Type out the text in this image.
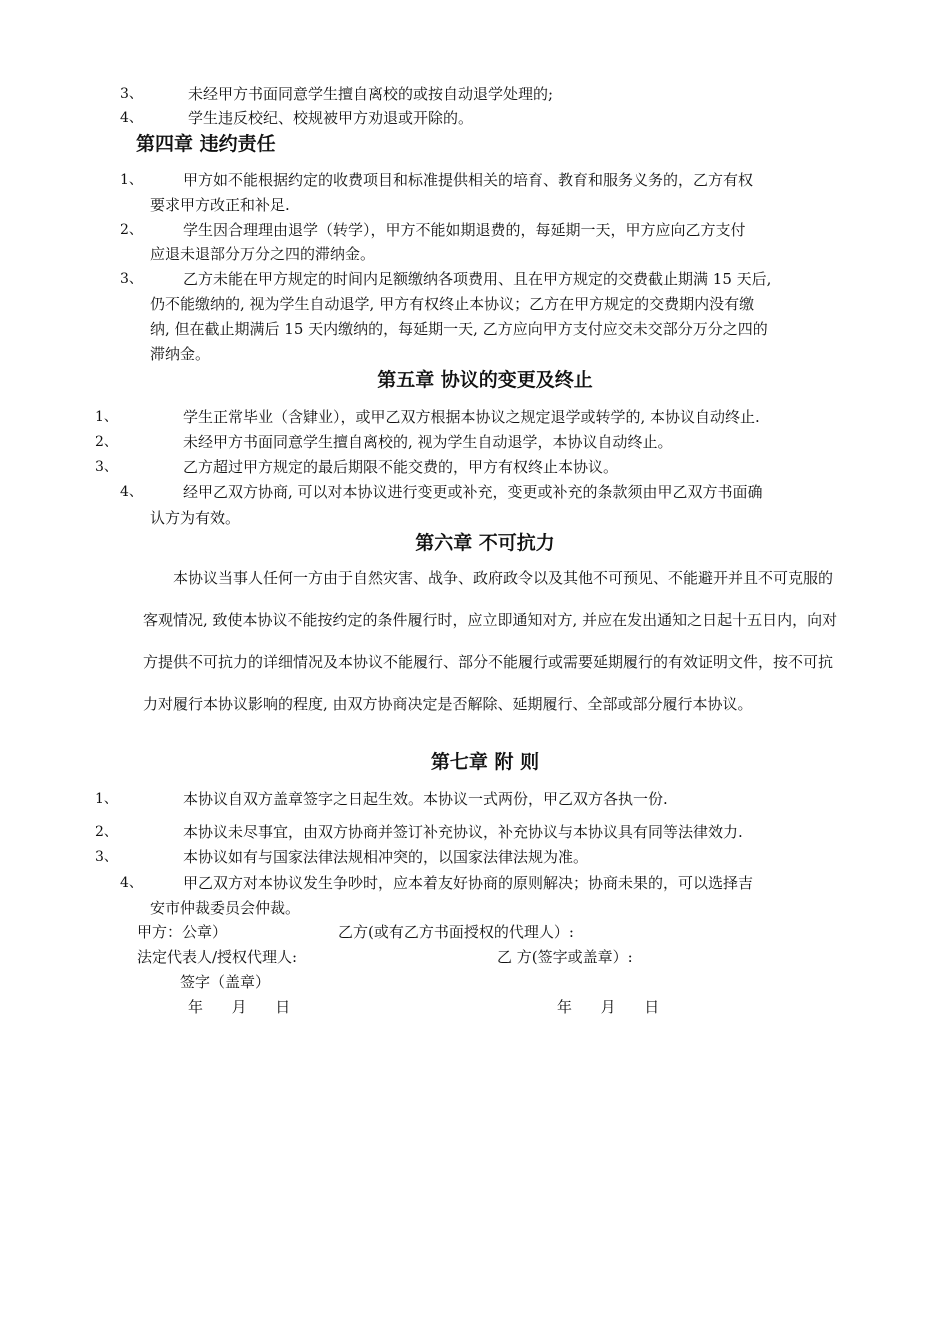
3、	未经甲方书面同意学生擅自离校的或按自动退学处理的;
4、	学生违反校纪、校规被甲方劝退或开除的。
第四章 违约责任
1、	甲方如不能根据约定的收费项目和标准提供相关的培育、教育和服务义务的，乙方有权
要求甲方改正和补足.
2、	学生因合理理由退学（转学），甲方不能如期退费的，每延期一天，甲方应向乙方支付
应退未退部分万分之四的滞纳金。
3、	乙方未能在甲方规定的时间内足额缴纳各项费用、且在甲方规定的交费截止期满 15 天后,
仍不能缴纳的, 视为学生自动退学, 甲方有权终止本协议；乙方在甲方规定的交费期内没有缴
纳, 但在截止期满后 15 天内缴纳的，每延期一天, 乙方应向甲方支付应交未交部分万分之四的
滞纳金。
第五章 协议的变更及终止
1、	学生正常毕业（含肄业），或甲乙双方根据本协议之规定退学或转学的, 本协议自动终止.
2、	未经甲方书面同意学生擅自离校的, 视为学生自动退学，本协议自动终止。
3、	乙方超过甲方规定的最后期限不能交费的，甲方有权终止本协议。
4、	经甲乙双方协商, 可以对本协议进行变更或补充，变更或补充的条款须由甲乙双方书面确
认方为有效。
第六章 不可抗力

本协议当事人任何一方由于自然灾害、战争、政府政令以及其他不可预见、不能避开并且不可克服的客观情况, 致使本协议不能按约定的条件履行时，应立即通知对方, 并应在发出通知之日起十五日内，向对方提供不可抗力的详细情况及本协议不能履行、部分不能履行或需要延期履行的有效证明文件，按不可抗力对履行本协议影响的程度, 由双方协商决定是否解除、延期履行、全部或部分履行本协议。

第七章 附 则
1、	本协议自双方盖章签字之日起生效。本协议一式两份，甲乙双方各执一份.
2、	本协议未尽事宜，由双方协商并签订补充协议，补充协议与本协议具有同等法律效力.
3、	本协议如有与国家法律法规相冲突的，以国家法律法规为准。
4、	甲乙双方对本协议发生争吵时，应本着友好协商的原则解决；协商未果的，可以选择吉
安市仲裁委员会仲裁。
甲方：公章）	乙方(或有乙方书面授权的代理人）:
法定代表人/授权代理人:	乙 方(签字或盖章）:
签字（盖章）
年      月      日	年      月      日
